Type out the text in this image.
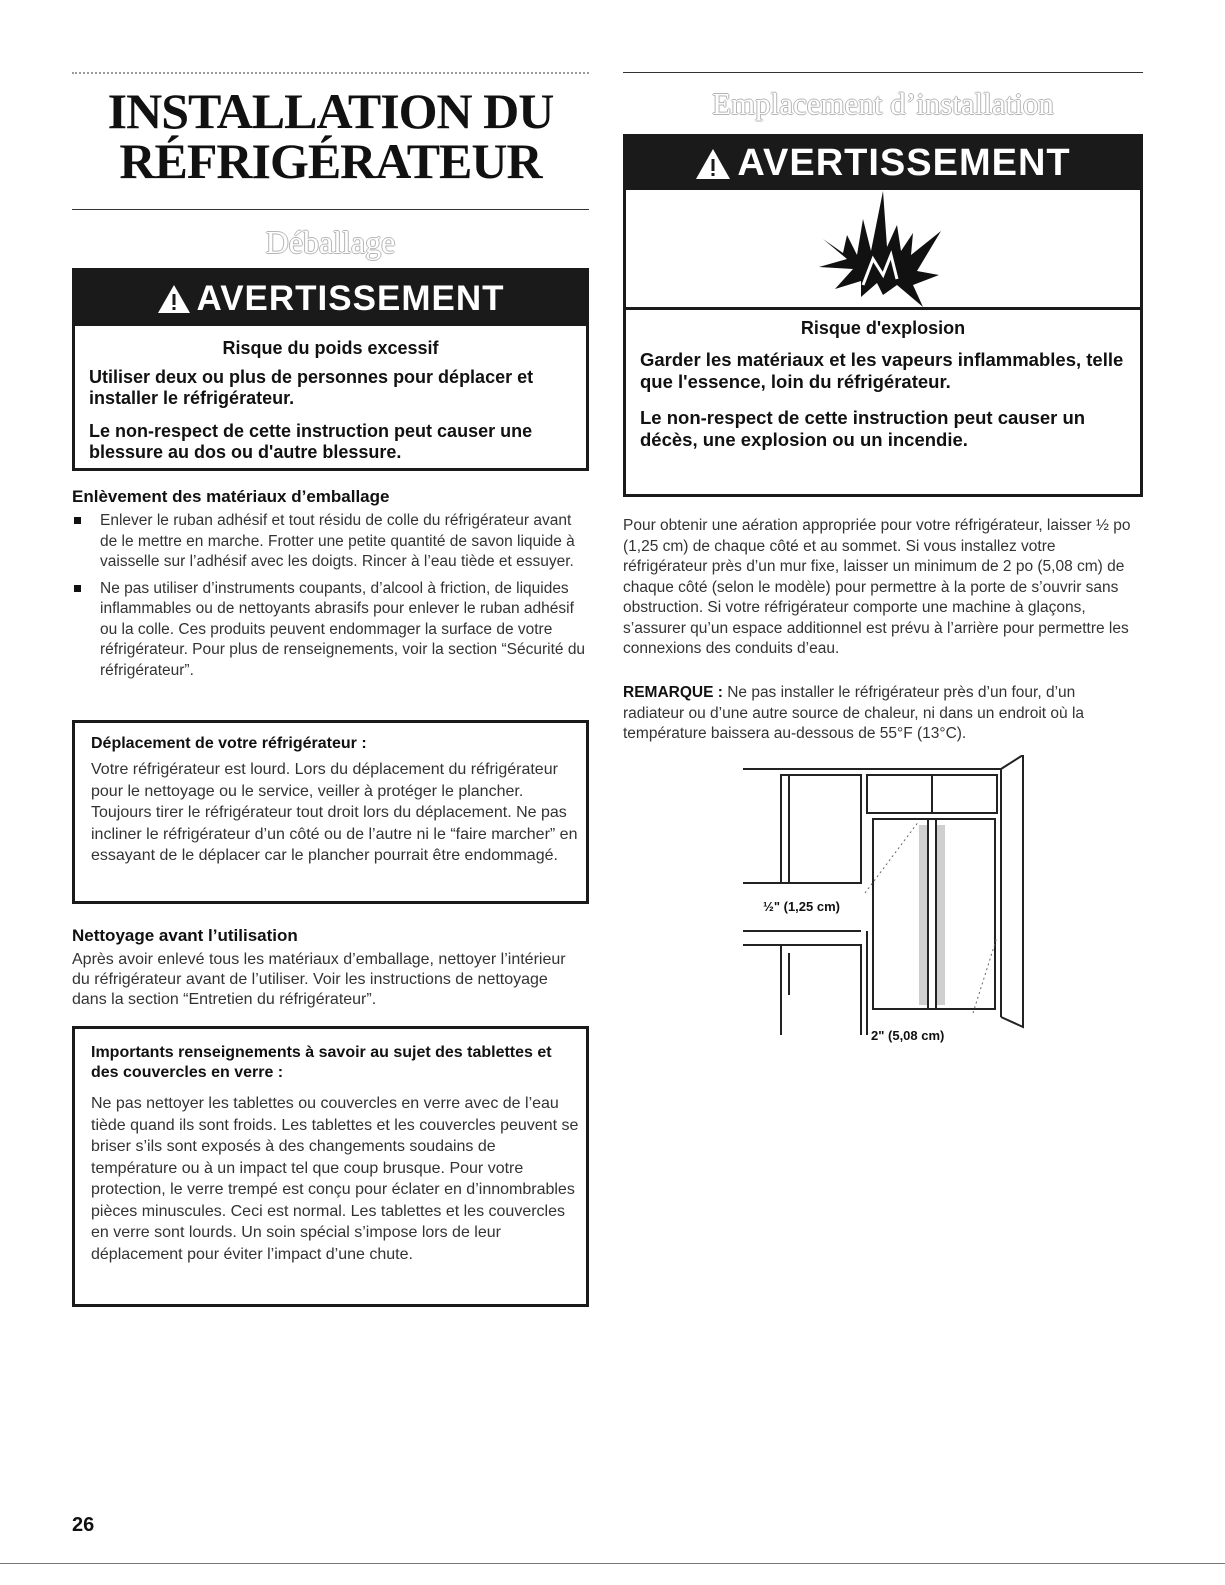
INSTALLATION DU
RÉFRIGÉRATEUR
Déballage
AVERTISSEMENT

Risque du poids excessif

Utiliser deux ou plus de personnes pour déplacer et installer le réfrigérateur.

Le non-respect de cette instruction peut causer une blessure au dos ou d'autre blessure.

Enlèvement des matériaux d’emballage
Enlever le ruban adhésif et tout résidu de colle du réfrigérateur avant de le mettre en marche. Frotter une petite quantité de savon liquide à vaisselle sur l’adhésif avec les doigts. Rincer à l’eau tiède et essuyer.
Ne pas utiliser d’instruments coupants, d’alcool à friction, de liquides inflammables ou de nettoyants abrasifs pour enlever le ruban adhésif ou la colle. Ces produits peuvent endommager la surface de votre réfrigérateur. Pour plus de renseignements, voir la section “Sécurité du réfrigérateur”.

Déplacement de votre réfrigérateur :

Votre réfrigérateur est lourd. Lors du déplacement du réfrigérateur pour le nettoyage ou le service, veiller à protéger le plancher. Toujours tirer le réfrigérateur tout droit lors du déplacement. Ne pas incliner le réfrigérateur d’un côté ou de l’autre ni le “faire marcher” en essayant de le déplacer car le plancher pourrait être endommagé.

Nettoyage avant l’utilisation

Après avoir enlevé tous les matériaux d’emballage, nettoyer l’intérieur du réfrigérateur avant de l’utiliser. Voir les instructions de nettoyage dans la section “Entretien du réfrigérateur”.

Importants renseignements à savoir au sujet des tablettes et des couvercles en verre :

Ne pas nettoyer les tablettes ou couvercles en verre avec de l’eau tiède quand ils sont froids. Les tablettes et les couvercles peuvent se briser s’ils sont exposés à des changements soudains de température ou à un impact tel que coup brusque. Pour votre protection, le verre trempé est conçu pour éclater en d’innombrables pièces minuscules. Ceci est normal. Les tablettes et les couvercles en verre sont lourds. Un soin spécial s’impose lors de leur déplacement pour éviter l’impact d’une chute.

Emplacement d’installation
AVERTISSEMENT

Risque d'explosion

Garder les matériaux et les vapeurs inflammables, telle que l'essence, loin du réfrigérateur.

Le non-respect de cette instruction peut causer un décès, une explosion ou un incendie.

Pour obtenir une aération appropriée pour votre réfrigérateur, laisser ½ po (1,25 cm) de chaque côté et au sommet. Si vous installez votre réfrigérateur près d’un mur fixe, laisser un minimum de 2 po (5,08 cm) de chaque côté (selon le modèle) pour permettre à la porte de s’ouvrir sans obstruction. Si votre réfrigérateur comporte une machine à glaçons, s’assurer qu’un espace additionnel est prévu à l’arrière pour permettre les connexions des conduits d’eau.

REMARQUE : Ne pas installer le réfrigérateur près d’un four, d’un radiateur ou d’une autre source de chaleur, ni dans un endroit où la température baissera au-dessous de 55°F (13°C).

½" (1,25 cm)

2" (5,08 cm)

26
